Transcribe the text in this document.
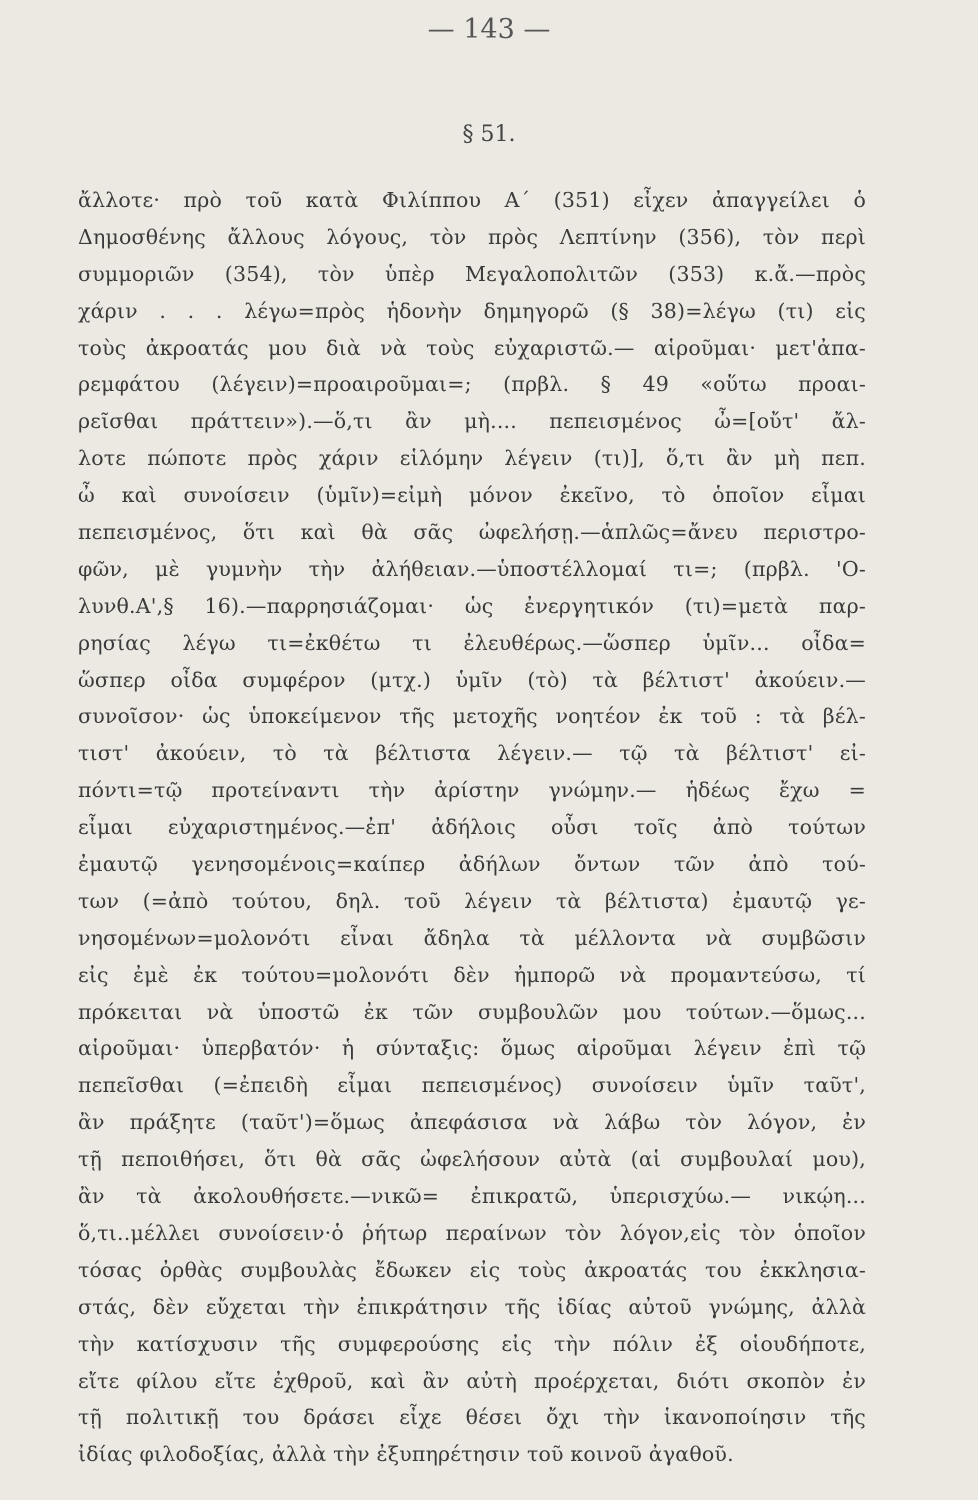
— 143 —
§ 51.
ἄλλοτε· πρὸ τοῦ κατὰ Φιλίππου Α΄ (351) εἶχεν ἀπαγγείλει ὁ
Δημοσθένης ἄλλους λόγους, τὸν πρὸς Λεπτίνην (356), τὸν περὶ
συμμοριῶν (354), τὸν ὑπὲρ Μεγαλοπολιτῶν (353) κ.ἄ.—πρὸς
χάριν . . . λέγω=πρὸς ἡδονὴν δημηγορῶ (§ 38)=λέγω (τι) εἰς
τοὺς ἀκροατάς μου διὰ νὰ τοὺς εὐχαριστῶ.— αἱροῦμαι· μετ'ἀπα-
ρεμφάτου (λέγειν)=προαιροῦμαι=; (πρβλ. § 49 «οὕτω προαι-
ρεῖσθαι πράττειν»).—ὅ,τι ἂν μὴ.... πεπεισμένος ὦ=[οὔτ' ἄλ-
λοτε πώποτε πρὸς χάριν εἱλόμην λέγειν (τι)], ὅ,τι ἂν μὴ πεπ.
ὦ καὶ συνοίσειν (ὑμῖν)=εἰμὴ μόνον ἐκεῖνο, τὸ ὁποῖον εἶμαι
πεπεισμένος, ὅτι καὶ θὰ σᾶς ὠφελήσῃ.—ἁπλῶς=ἄνευ περιστρο-
φῶν, μὲ γυμνὴν τὴν ἀλήθειαν.—ὑποστέλλομαί τι=; (πρβλ. 'Ο-
λυνθ.Α',§ 16).—παρρησιάζομαι· ὡς ἐνεργητικόν (τι)=μετὰ παρ-
ρησίας λέγω τι=ἐκθέτω τι ἐλευθέρως.—ὥσπερ ὑμῖν... οἶδα=
ὥσπερ οἶδα συμφέρον (μτχ.) ὑμῖν (τὸ) τὰ βέλτιστ' ἀκούειν.—
συνοῖσον· ὡς ὑποκείμενον τῆς μετοχῆς νοητέον ἐκ τοῦ : τὰ βέλ-
τιστ' ἀκούειν, τὸ τὰ βέλτιστα λέγειν.— τῷ τὰ βέλτιστ' εἰ-
πόντι=τῷ προτείναντι τὴν ἀρίστην γνώμην.— ἡδέως ἔχω =
εἶμαι εὐχαριστημένος.—ἐπ' ἀδήλοις οὖσι τοῖς ἀπὸ τούτων
ἐμαυτῷ γενησομένοις=καίπερ ἀδήλων ὄντων τῶν ἀπὸ τού-
των (=ἀπὸ τούτου, δηλ. τοῦ λέγειν τὰ βέλτιστα) ἐμαυτῷ γε-
νησομένων=μολονότι εἶναι ἄδηλα τὰ μέλλοντα νὰ συμβῶσιν
εἰς ἐμὲ ἐκ τούτου=μολονότι δὲν ἠμπορῶ νὰ προμαντεύσω, τί
πρόκειται νὰ ὑποστῶ ἐκ τῶν συμβουλῶν μου τούτων.—ὅμως...
αἱροῦμαι· ὑπερβατόν· ἡ σύνταξις: ὅμως αἱροῦμαι λέγειν ἐπὶ τῷ
πεπεῖσθαι (=ἐπειδὴ εἶμαι πεπεισμένος) συνοίσειν ὑμῖν ταῦτ',
ἂν πράξητε (ταῦτ')=ὅμως ἀπεφάσισα νὰ λάβω τὸν λόγον, ἐν
τῇ πεποιθήσει, ὅτι θὰ σᾶς ὠφελήσουν αὐτὰ (αἱ συμβουλαί μου),
ἂν τὰ ἀκολουθήσετε.—νικῶ= ἐπικρατῶ, ὑπερισχύω.— νικῴη...
ὅ,τι..μέλλει συνοίσειν·ὁ ῥήτωρ περαίνων τὸν λόγον,εἰς τὸν ὁποῖον
τόσας ὀρθὰς συμβουλὰς ἔδωκεν εἰς τοὺς ἀκροατάς του ἐκκλησια-
στάς, δὲν εὔχεται τὴν ἐπικράτησιν τῆς ἰδίας αὐτοῦ γνώμης, ἀλλὰ
τὴν κατίσχυσιν τῆς συμφερούσης εἰς τὴν πόλιν ἐξ οἱουδήποτε,
εἴτε φίλου εἴτε ἐχθροῦ, καὶ ἂν αὐτὴ προέρχεται, διότι σκοπὸν ἐν
τῇ πολιτικῇ του δράσει εἶχε θέσει ὄχι τὴν ἱκανοποίησιν τῆς
ἰδίας φιλοδοξίας, ἀλλὰ τὴν ἐξυπηρέτησιν τοῦ κοινοῦ ἀγαθοῦ.
